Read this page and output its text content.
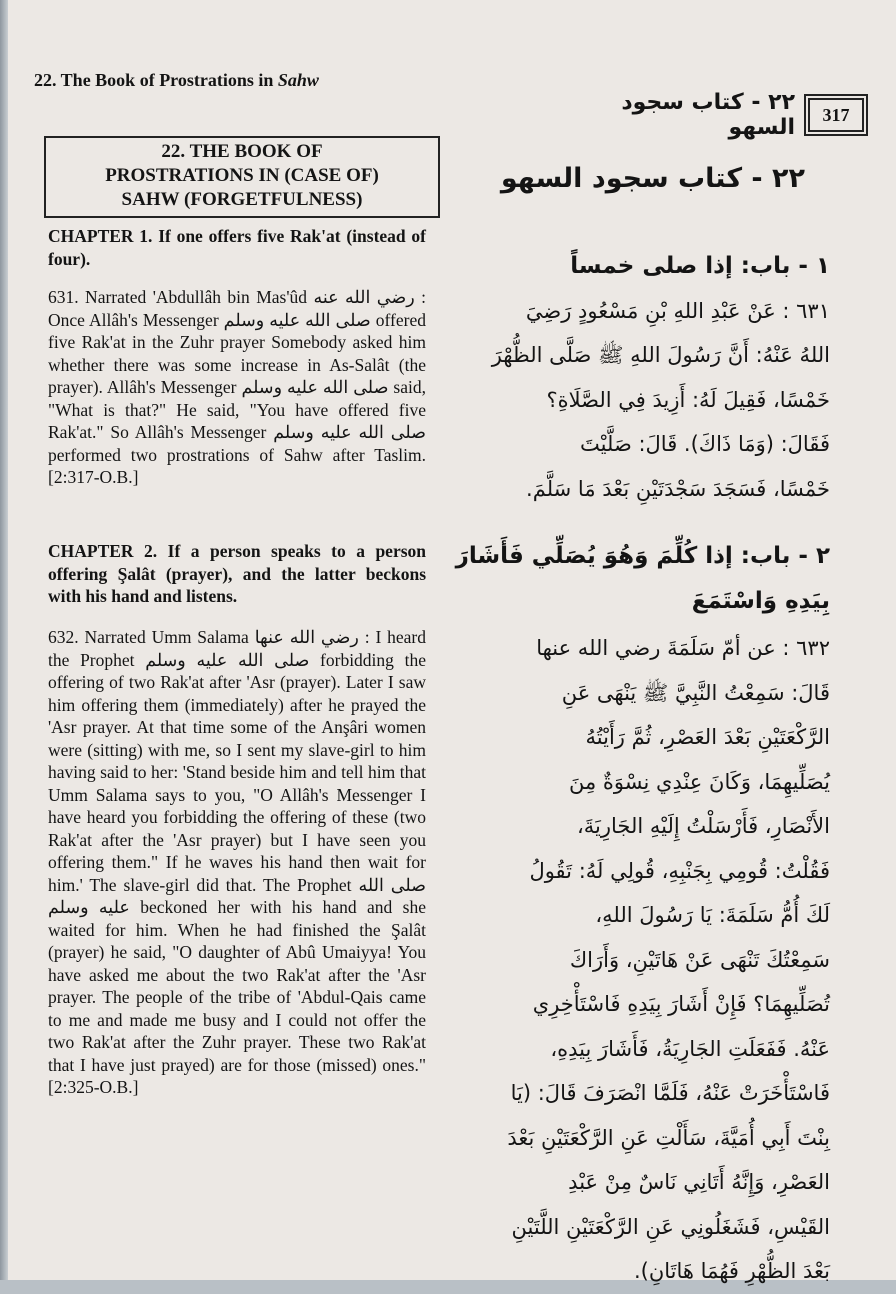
22. The Book of Prostrations in Sahw
٢٢ - كتاب سجود السهو	317
22. THE BOOK OF
PROSTRATIONS IN (CASE OF)
SAHW (FORGETFULNESS)
٢٢ - كتاب سجود السهو
CHAPTER 1. If one offers five Rak'at (instead of four).
631. Narrated 'Abdullâh bin Mas'ûd رضي الله عنه : Once Allâh's Messenger صلى الله عليه وسلم offered five Rak'at in the Zuhr prayer Somebody asked him whether there was some increase in As-Salât (the prayer). Allâh's Messenger صلى الله عليه وسلم said, "What is that?" He said, "You have offered five Rak'at." So Allâh's Messenger صلى الله عليه وسلم performed two prostrations of Sahw after Taslim. [2:317-O.B.]
CHAPTER 2. If a person speaks to a person offering Şalât (prayer), and the latter beckons with his hand and listens.
632. Narrated Umm Salama رضي الله عنها : I heard the Prophet صلى الله عليه وسلم forbidding the offering of two Rak'at after 'Asr (prayer). Later I saw him offering them (immediately) after he prayed the 'Asr prayer. At that time some of the Anşâri women were (sitting) with me, so I sent my slave-girl to him having said to her: 'Stand beside him and tell him that Umm Salama says to you, "O Allâh's Messenger I have heard you forbidding the offering of these (two Rak'at after the 'Asr prayer) but I have seen you offering them." If he waves his hand then wait for him.' The slave-girl did that. The Prophet صلى الله عليه وسلم beckoned her with his hand and she waited for him. When he had finished the Şalât (prayer) he said, "O daughter of Abû Umaiyya! You have asked me about the two Rak'at after the 'Asr prayer. The people of the tribe of 'Abdul-Qais came to me and made me busy and I could not offer the two Rak'at after the Zuhr prayer. These two Rak'at that I have just prayed) are for those (missed) ones." [2:325-O.B.]
١ - باب: إذا صلى خمساً
٦٣١ : عَنْ عَبْدِ اللهِ بْنِ مَسْعُودٍ رَضِيَ
اللهُ عَنْهُ: أَنَّ رَسُولَ اللهِ ﷺ صَلَّى الظُّهْرَ
خَمْسًا، فَقِيلَ لَهُ: أَزِيدَ فِي الصَّلَاةِ؟
فَقَالَ: (وَمَا ذَاكَ). قَالَ: صَلَّيْتَ
خَمْسًا، فَسَجَدَ سَجْدَتَيْنِ بَعْدَ مَا سَلَّمَ.
٢ - باب: إذا كُلِّمَ وَهُوَ يُصَلِّي فَأَشَارَ
بِيَدِهِ وَاسْتَمَعَ
٦٣٢ : عن أمّ سَلَمَةَ رضي الله عنها
قَالَ: سَمِعْتُ النَّبِيَّ ﷺ يَنْهَى عَنِ
الرَّكْعَتَيْنِ بَعْدَ العَصْرِ، ثُمَّ رَأَيْتُهُ
يُصَلِّيهِمَا، وَكَانَ عِنْدِي نِسْوَةٌ مِنَ
الأَنْصَارِ، فَأَرْسَلْتُ إِلَيْهِ الجَارِيَةَ،
فَقُلْتُ: قُومِي بِجَنْبِهِ، قُولِي لَهُ: تَقُولُ
لَكَ أُمُّ سَلَمَةَ: يَا رَسُولَ اللهِ،
سَمِعْتُكَ تَنْهَى عَنْ هَاتَيْنِ، وَأَرَاكَ
تُصَلِّيهِمَا؟ فَإِنْ أَشَارَ بِيَدِهِ فَاسْتَأْخِرِي
عَنْهُ. فَفَعَلَتِ الجَارِيَةُ، فَأَشَارَ بِيَدِهِ،
فَاسْتَأْخَرَتْ عَنْهُ، فَلَمَّا انْصَرَفَ قَالَ: (يَا
بِنْتَ أَبِي أُمَيَّةَ، سَأَلْتِ عَنِ الرَّكْعَتَيْنِ بَعْدَ
العَصْرِ، وَإِنَّهُ أَتَانِي نَاسٌ مِنْ عَبْدِ
القَيْسِ، فَشَغَلُونِي عَنِ الرَّكْعَتَيْنِ اللَّتَيْنِ
بَعْدَ الظُّهْرِ فَهُمَا هَاتَانِ).
